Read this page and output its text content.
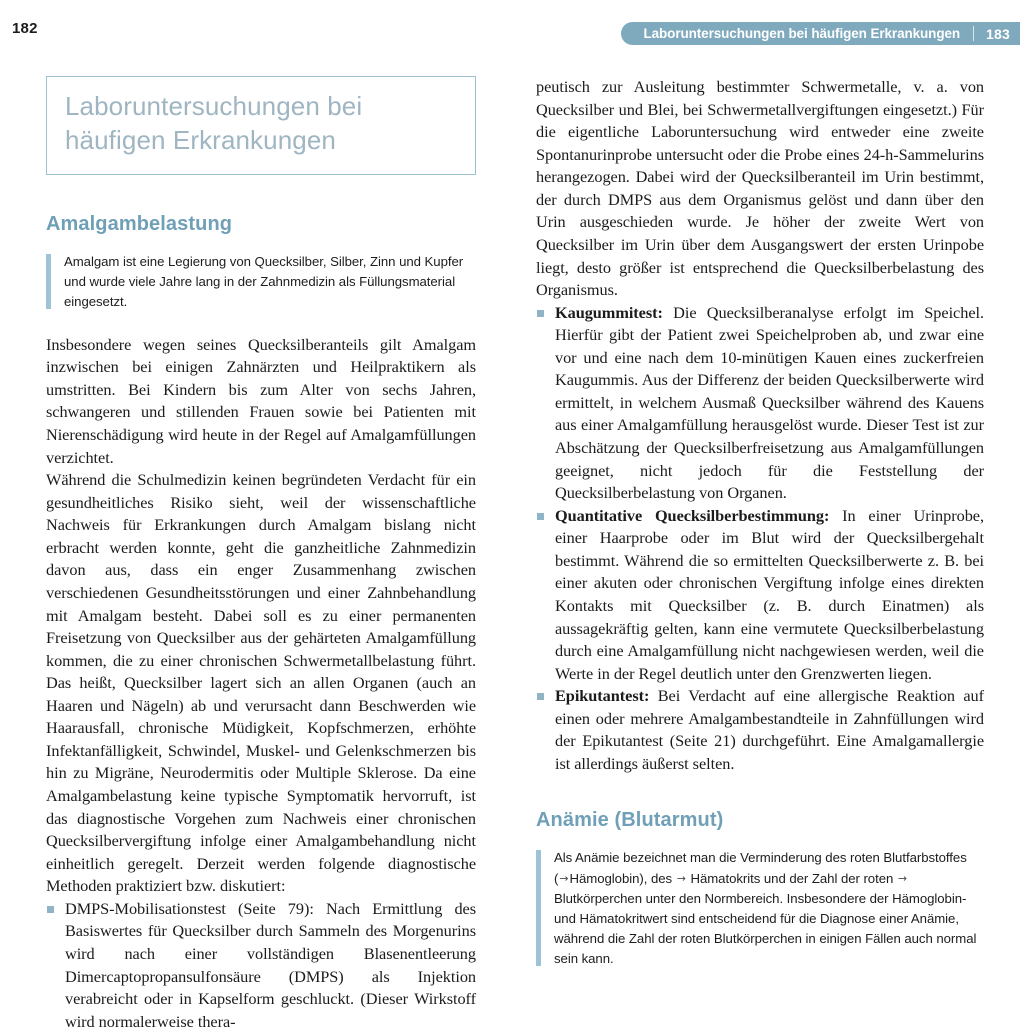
182	Laboruntersuchungen bei häufigen Erkrankungen 183
Laboruntersuchungen bei häufigen Erkrankungen
Amalgambelastung
Amalgam ist eine Legierung von Quecksilber, Silber, Zinn und Kupfer und wurde viele Jahre lang in der Zahnmedizin als Füllungsmaterial eingesetzt.

Insbesondere wegen seines Quecksilberanteils gilt Amalgam inzwischen bei einigen Zahnärzten und Heilpraktikern als umstritten. Bei Kindern bis zum Alter von sechs Jahren, schwangeren und stillenden Frauen sowie bei Patienten mit Nierenschädigung wird heute in der Regel auf Amalgamfüllungen verzichtet.

Während die Schulmedizin keinen begründeten Verdacht für ein gesundheitliches Risiko sieht, weil der wissenschaftliche Nachweis für Erkrankungen durch Amalgam bislang nicht erbracht werden konnte, geht die ganzheitliche Zahnmedizin davon aus, dass ein enger Zusammenhang zwischen verschiedenen Gesundheitsstörungen und einer Zahnbehandlung mit Amalgam besteht. Dabei soll es zu einer permanenten Freisetzung von Quecksilber aus der gehärteten Amalgamfüllung kommen, die zu einer chronischen Schwermetallbelastung führt. Das heißt, Quecksilber lagert sich an allen Organen (auch an Haaren und Nägeln) ab und verursacht dann Beschwerden wie Haarausfall, chronische Müdigkeit, Kopfschmerzen, erhöhte Infektanfälligkeit, Schwindel, Muskel- und Gelenkschmerzen bis hin zu Migräne, Neurodermitis oder Multiple Sklerose. Da eine Amalgambelastung keine typische Symptomatik hervorruft, ist das diagnostische Vorgehen zum Nachweis einer chronischen Quecksilbervergiftung infolge einer Amalgambehandlung nicht einheitlich geregelt. Derzeit werden folgende diagnostische Methoden praktiziert bzw. diskutiert:

DMPS-Mobilisationstest (Seite 79): Nach Ermittlung des Basiswertes für Quecksilber durch Sammeln des Morgenurins wird nach einer vollständigen Blasenentleerung Dimercaptopropansulfonsäure (DMPS) als Injektion verabreicht oder in Kapselform geschluckt. (Dieser Wirkstoff wird normalerweise thera-

peutisch zur Ausleitung bestimmter Schwermetalle, v. a. von Quecksilber und Blei, bei Schwermetallvergiftungen eingesetzt.) Für die eigentliche Laboruntersuchung wird entweder eine zweite Spontanurinprobe untersucht oder die Probe eines 24-h-Sammelurins herangezogen. Dabei wird der Quecksilberanteil im Urin bestimmt, der durch DMPS aus dem Organismus gelöst und dann über den Urin ausgeschieden wurde. Je höher der zweite Wert von Quecksilber im Urin über dem Ausgangswert der ersten Urinpobe liegt, desto größer ist entsprechend die Quecksilberbelastung des Organismus.

Kaugummitest: Die Quecksilberanalyse erfolgt im Speichel. Hierfür gibt der Patient zwei Speichelproben ab, und zwar eine vor und eine nach dem 10-minütigen Kauen eines zuckerfreien Kaugummis. Aus der Differenz der beiden Quecksilberwerte wird ermittelt, in welchem Ausmaß Quecksilber während des Kauens aus einer Amalgamfüllung herausgelöst wurde. Dieser Test ist zur Abschätzung der Quecksilberfreisetzung aus Amalgamfüllungen geeignet, nicht jedoch für die Feststellung der Quecksilberbelastung von Organen.
Quantitative Quecksilberbestimmung: In einer Urinprobe, einer Haarprobe oder im Blut wird der Quecksilbergehalt bestimmt. Während die so ermittelten Quecksilberwerte z. B. bei einer akuten oder chronischen Vergiftung infolge eines direkten Kontakts mit Quecksilber (z. B. durch Einatmen) als aussagekräftig gelten, kann eine vermutete Quecksilberbelastung durch eine Amalgamfüllung nicht nachgewiesen werden, weil die Werte in der Regel deutlich unter den Grenzwerten liegen.
Epikutantest: Bei Verdacht auf eine allergische Reaktion auf einen oder mehrere Amalgambestandteile in Zahnfüllungen wird der Epikutantest (Seite 21) durchgeführt. Eine Amalgamallergie ist allerdings äußerst selten.
Anämie (Blutarmut)
Als Anämie bezeichnet man die Verminderung des roten Blutfarbstoffes (→Hämoglobin), des → Hämatokrits und der Zahl der roten → Blutkörperchen unter den Normbereich. Insbesondere der Hämoglobin- und Hämatokritwert sind entscheidend für die Diagnose einer Anämie, während die Zahl der roten Blutkörperchen in einigen Fällen auch normal sein kann.
